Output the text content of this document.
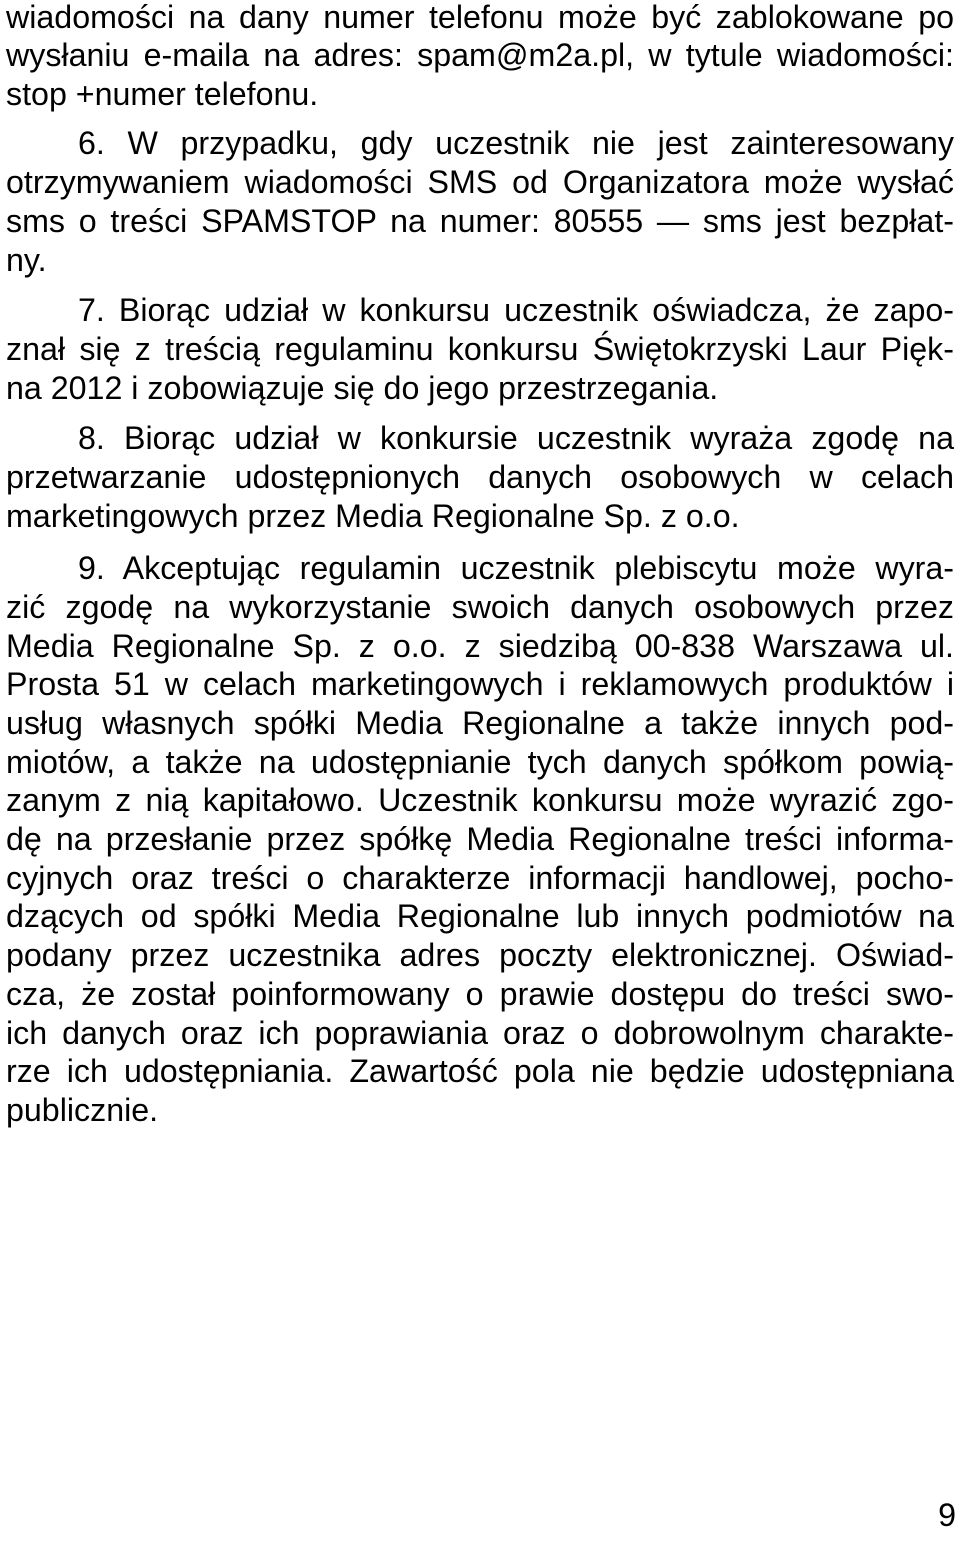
wiadomości na dany numer telefonu może być zablokowane po
wysłaniu e-maila na adres: spam@m2a.pl, w tytule wiadomości:
stop +numer telefonu.
6. W przypadku, gdy uczestnik nie jest zainteresowany
otrzymywaniem wiadomości SMS od Organizatora może wysłać
sms o treści SPAMSTOP na numer: 80555 — sms jest bezpłat-
ny.
7. Biorąc udział w konkursu uczestnik oświadcza, że zapo-
znał się z treścią regulaminu konkursu Świętokrzyski Laur Pięk-
na 2012 i zobowiązuje się do jego przestrzegania.
8. Biorąc udział w konkursie uczestnik wyraża zgodę na
przetwarzanie udostępnionych danych osobowych w celach
marketingowych przez Media Regionalne Sp. z o.o.
9. Akceptując regulamin uczestnik plebiscytu może wyra-
zić zgodę na wykorzystanie swoich danych osobowych przez
Media Regionalne Sp. z o.o. z siedzibą 00-838 Warszawa ul.
Prosta 51 w celach marketingowych i reklamowych produktów i
usług własnych spółki Media Regionalne a także innych pod-
miotów, a także na udostępnianie tych danych spółkom powią-
zanym z nią kapitałowo. Uczestnik konkursu może wyrazić zgo-
dę na przesłanie przez spółkę Media Regionalne treści informa-
cyjnych oraz treści o charakterze informacji handlowej, pocho-
dzących od spółki Media Regionalne lub innych podmiotów na
podany przez uczestnika adres poczty elektronicznej. Oświad-
cza, że został poinformowany o prawie dostępu do treści swo-
ich danych oraz ich poprawiania oraz o dobrowolnym charakte-
rze ich udostępniania. Zawartość pola nie będzie udostępniana
publicznie.
9
